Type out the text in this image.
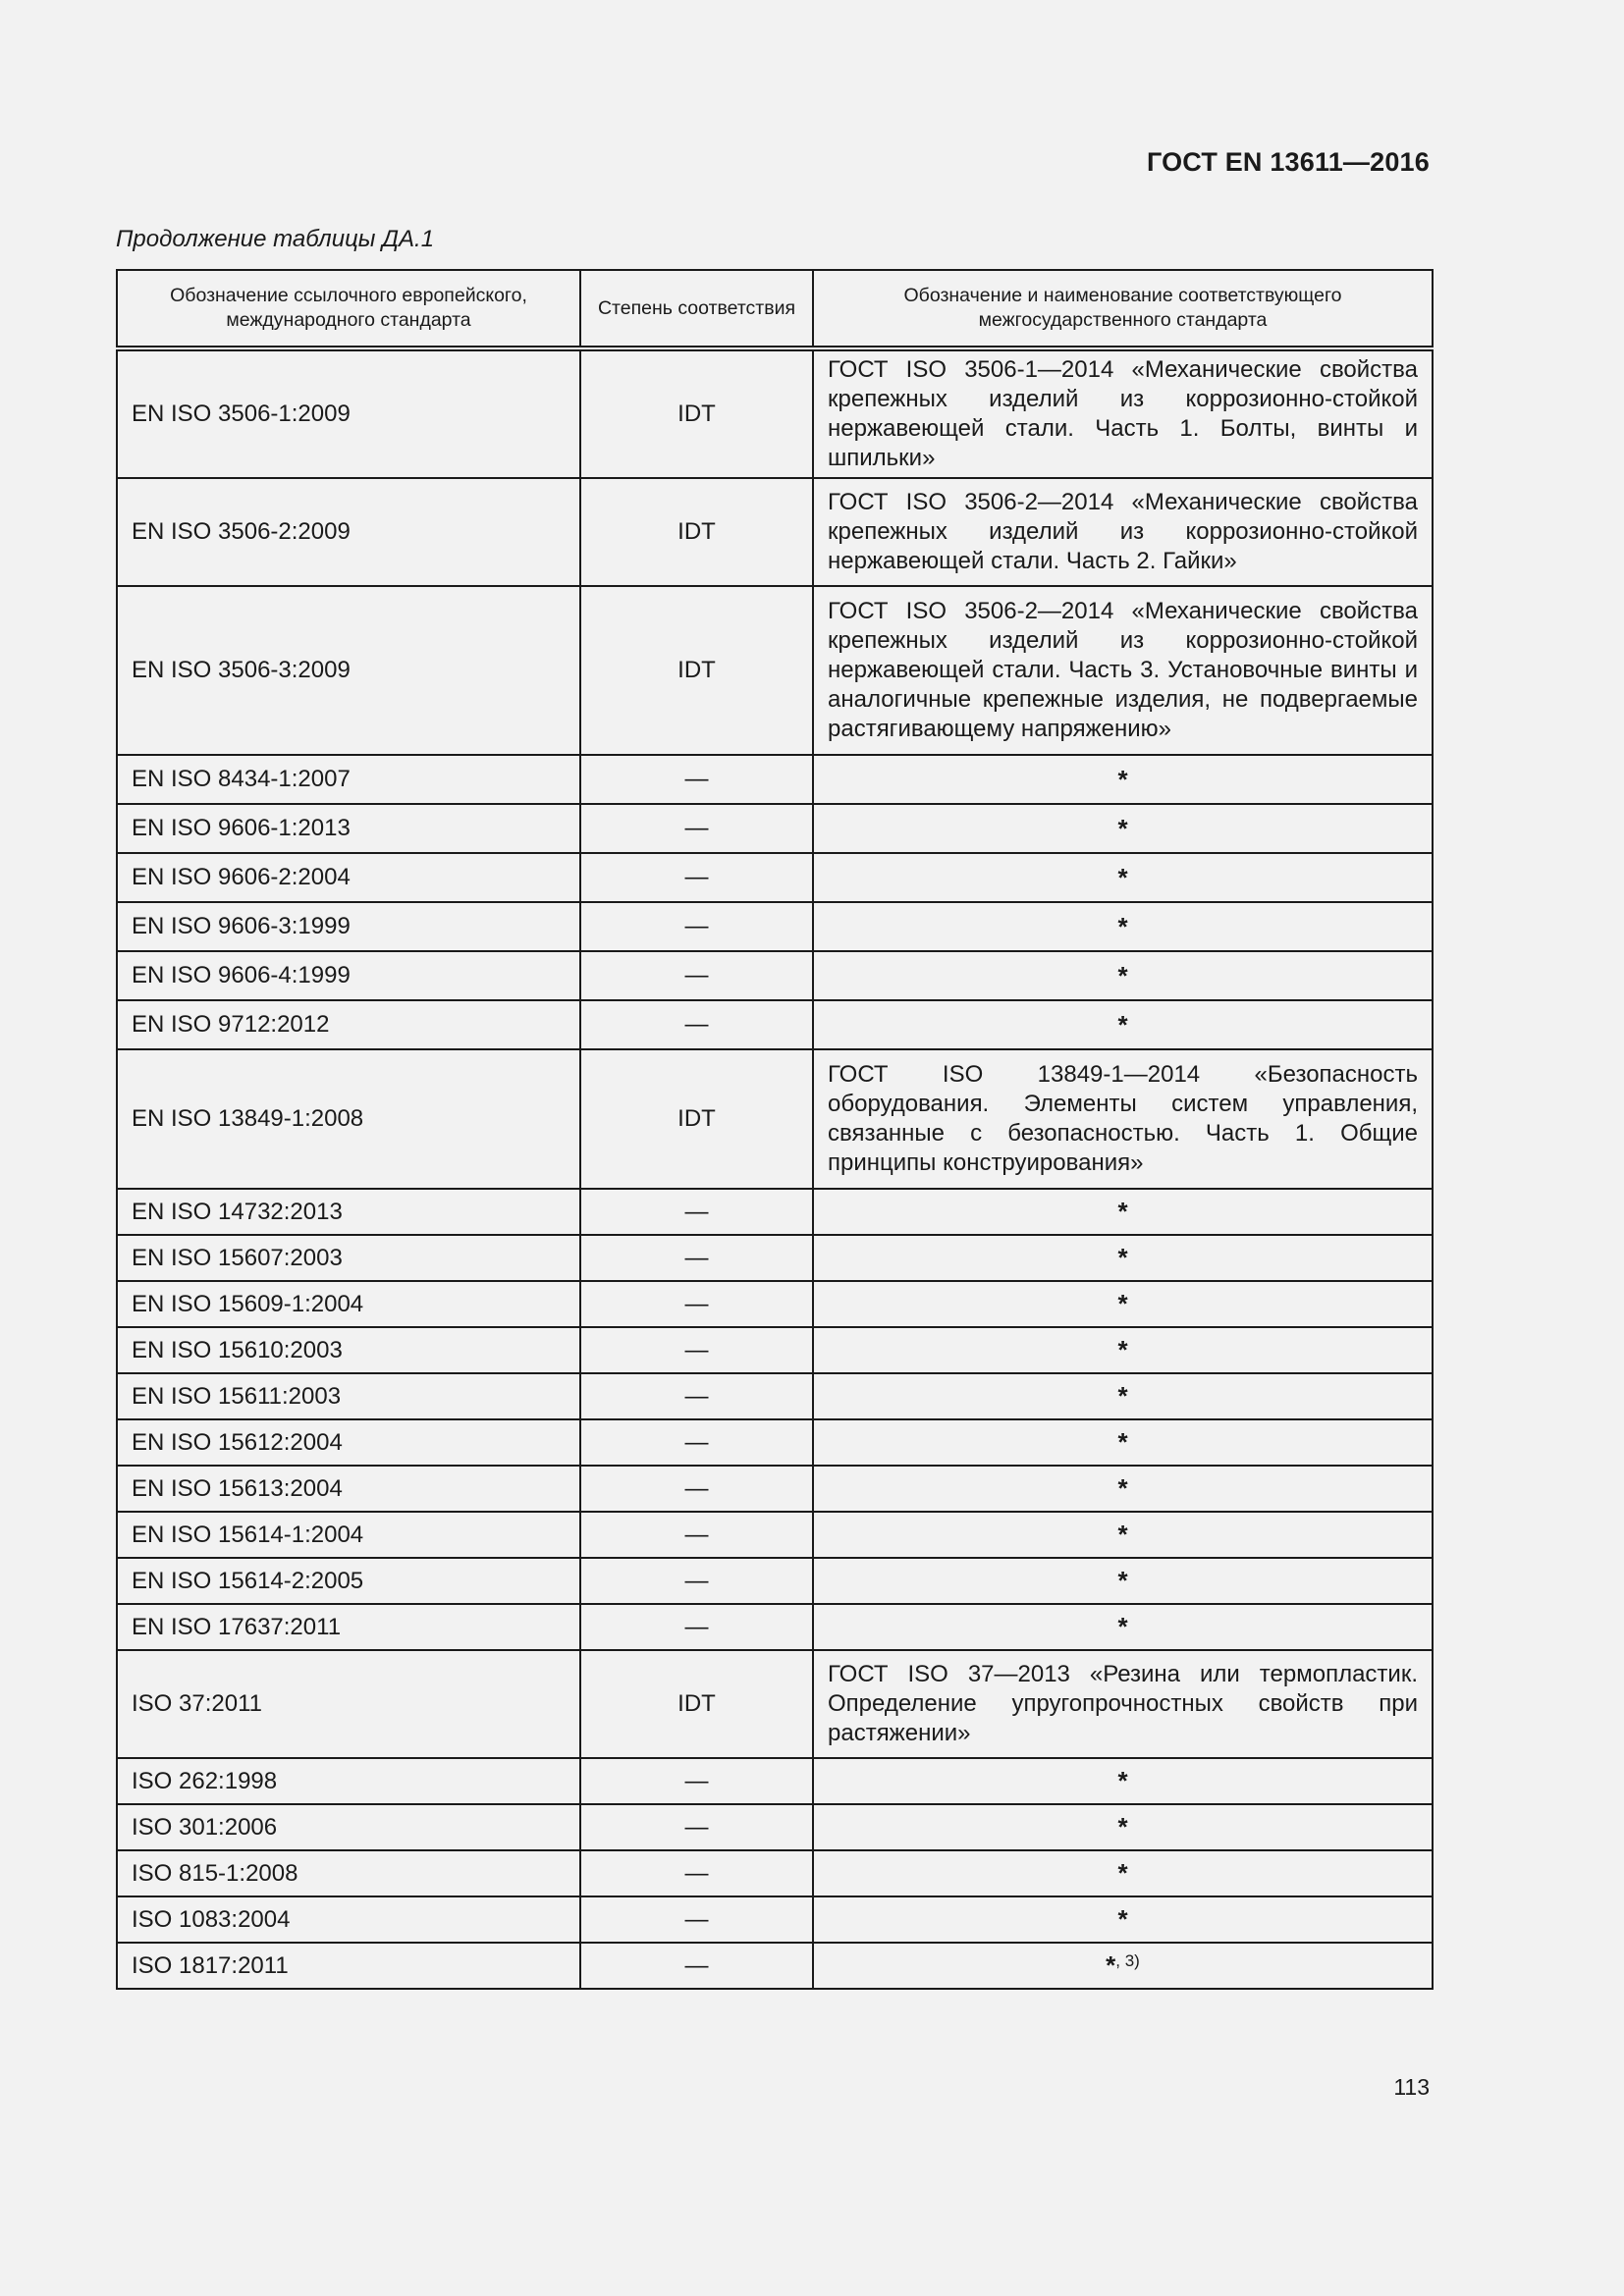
ГОСТ EN 13611—2016
Продолжение таблицы ДА.1
Обозначение ссылочного европейского, международного стандарта	Степень соответствия	Обозначение и наименование соответствующего межгосударственного стандарта
EN ISO 3506-1:2009	IDT	ГОСТ ISO 3506-1—2014 «Механические свойства крепежных изделий из коррозионно-стойкой нержавеющей стали. Часть 1. Болты, винты и шпильки»
EN ISO 3506-2:2009	IDT	ГОСТ ISO 3506-2—2014 «Механические свойства крепежных изделий из коррозионно-стойкой нержавеющей стали. Часть 2. Гайки»
EN ISO 3506-3:2009	IDT	ГОСТ ISO 3506-2—2014 «Механические свойства крепежных изделий из коррозионно-стойкой нержавеющей стали. Часть 3. Установочные винты и аналогичные крепежные изделия, не подвергаемые растягивающему напряжению»
EN ISO 8434-1:2007	—	*
EN ISO 9606-1:2013	—	*
EN ISO 9606-2:2004	—	*
EN ISO 9606-3:1999	—	*
EN ISO 9606-4:1999	—	*
EN ISO 9712:2012	—	*
EN ISO 13849-1:2008	IDT	ГОСТ ISO 13849-1—2014 «Безопасность оборудования. Элементы систем управления, связанные с безопасностью. Часть 1. Общие принципы конструирования»
EN ISO 14732:2013	—	*
EN ISO 15607:2003	—	*
EN ISO 15609-1:2004	—	*
EN ISO 15610:2003	—	*
EN ISO 15611:2003	—	*
EN ISO 15612:2004	—	*
EN ISO 15613:2004	—	*
EN ISO 15614-1:2004	—	*
EN ISO 15614-2:2005	—	*
EN ISO 17637:2011	—	*
ISO 37:2011	IDT	ГОСТ ISO 37—2013 «Резина или термопластик. Определение упругопрочностных свойств при растяжении»
ISO 262:1998	—	*
ISO 301:2006	—	*
ISO 815-1:2008	—	*
ISO 1083:2004	—	*
ISO 1817:2011	—	*$^{, 3)}$
113
